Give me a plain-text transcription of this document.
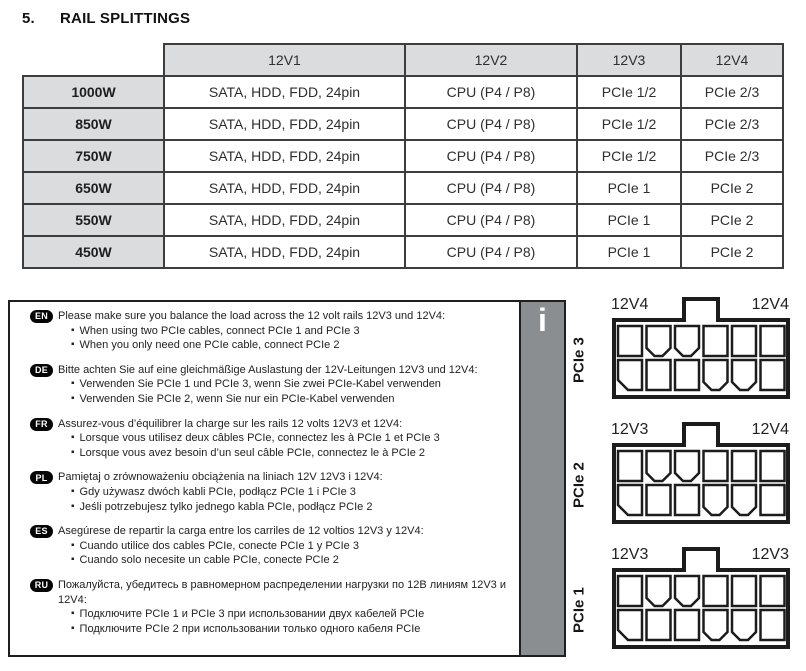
5.	RAIL SPLITTINGS
	12V1	12V2	12V3	12V4
1000W	SATA, HDD, FDD, 24pin	CPU (P4 / P8)	PCIe 1/2	PCIe 2/3
850W	SATA, HDD, FDD, 24pin	CPU (P4 / P8)	PCIe 1/2	PCIe 2/3
750W	SATA, HDD, FDD, 24pin	CPU (P4 / P8)	PCIe 1/2	PCIe 2/3
650W	SATA, HDD, FDD, 24pin	CPU (P4 / P8)	PCIe 1	PCIe 2
550W	SATA, HDD, FDD, 24pin	CPU (P4 / P8)	PCIe 1	PCIe 2
450W	SATA, HDD, FDD, 24pin	CPU (P4 / P8)	PCIe 1	PCIe 2
EN Please make sure you balance the load across the 12 volt rails 12V3 und 12V4:
▪ When using two PCIe cables, connect PCIe 1 and PCIe 3
▪ When you only need one PCIe cable, connect PCIe 2
DE Bitte achten Sie auf eine gleichmäßige Auslastung der 12V-Leitungen 12V3 und 12V4:
▪ Verwenden Sie PCIe 1 und PCIe 3, wenn Sie zwei PCIe-Kabel verwenden
▪ Verwenden Sie PCIe 2, wenn Sie nur ein PCIe-Kabel verwenden
FR Assurez-vous d’équilibrer la charge sur les rails 12 volts 12V3 et 12V4:
▪ Lorsque vous utilisez deux câbles PCIe, connectez les à PCIe 1 et PCIe 3
▪ Lorsque vous avez besoin d’un seul câble PCIe, connectez le à PCIe 2
PL Pamiętaj o zrównoważeniu obciążenia na liniach 12V 12V3 i 12V4:
▪ Gdy używasz dwóch kabli PCIe, podłącz PCIe 1 i PCIe 3
▪ Jeśli potrzebujesz tylko jednego kabla PCIe, podłącz PCIe 2
ES Asegúrese de repartir la carga entre los carriles de 12 voltios 12V3 y 12V4:
▪ Cuando utilice dos cables PCIe, conecte PCIe 1 y PCIe 3
▪ Cuando solo necesite un cable PCIe, conecte PCIe 2
RU Пожалуйста, убедитесь в равномерном распределении нагрузки по 12В линиям 12V3 и 12V4:
▪ Подключите PCIe 1 и PCIe 3 при использовании двух кабелей PCIe
▪ Подключите PCIe 2 при использовании только одного кабеля PCIe
i
PCIe 3
12V4	12V4
PCIe 2
12V3	12V4
PCIe 1
12V3	12V3
